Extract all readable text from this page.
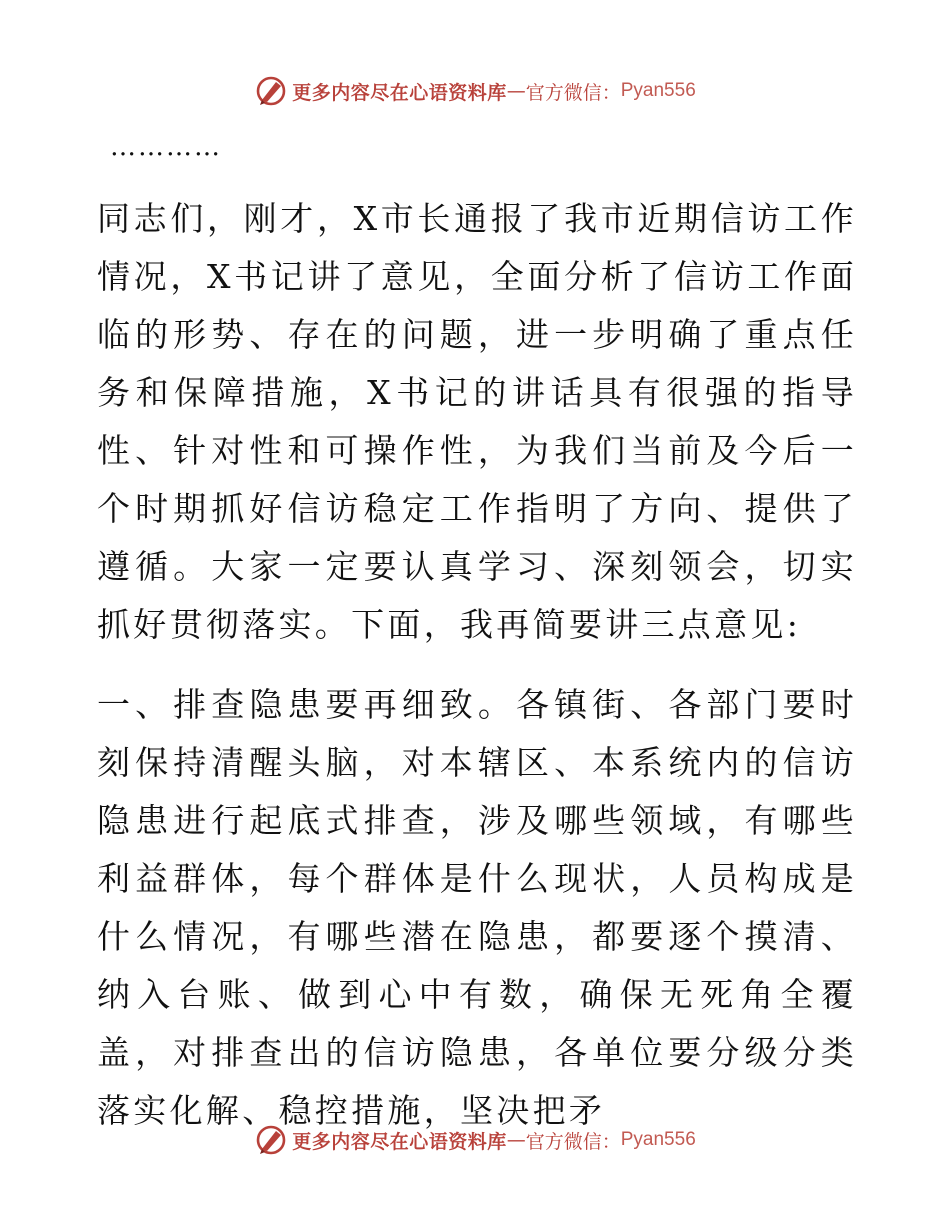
更多内容尽在心语资料库 — 官方微信： Pyan556
…………

同志们，刚才，X市长通报了我市近期信访工作情况，X书记讲了意见，全面分析了信访工作面临的形势、存在的问题，进一步明确了重点任务和保障措施，X书记的讲话具有很强的指导性、针对性和可操作性，为我们当前及今后一个时期抓好信访稳定工作指明了方向、提供了遵循。大家一定要认真学习、深刻领会，切实抓好贯彻落实。下面，我再简要讲三点意见:

一、排查隐患要再细致。各镇街、各部门要时刻保持清醒头脑，对本辖区、本系统内的信访隐患进行起底式排查，涉及哪些领域，有哪些利益群体，每个群体是什么现状，人员构成是什么情况，有哪些潜在隐患，都要逐个摸清、纳入台账、做到心中有数，确保无死角全覆盖，对排查出的信访隐患，各单位要分级分类落实化解、稳控措施，坚决把矛

更多内容尽在心语资料库 — 官方微信： Pyan556
